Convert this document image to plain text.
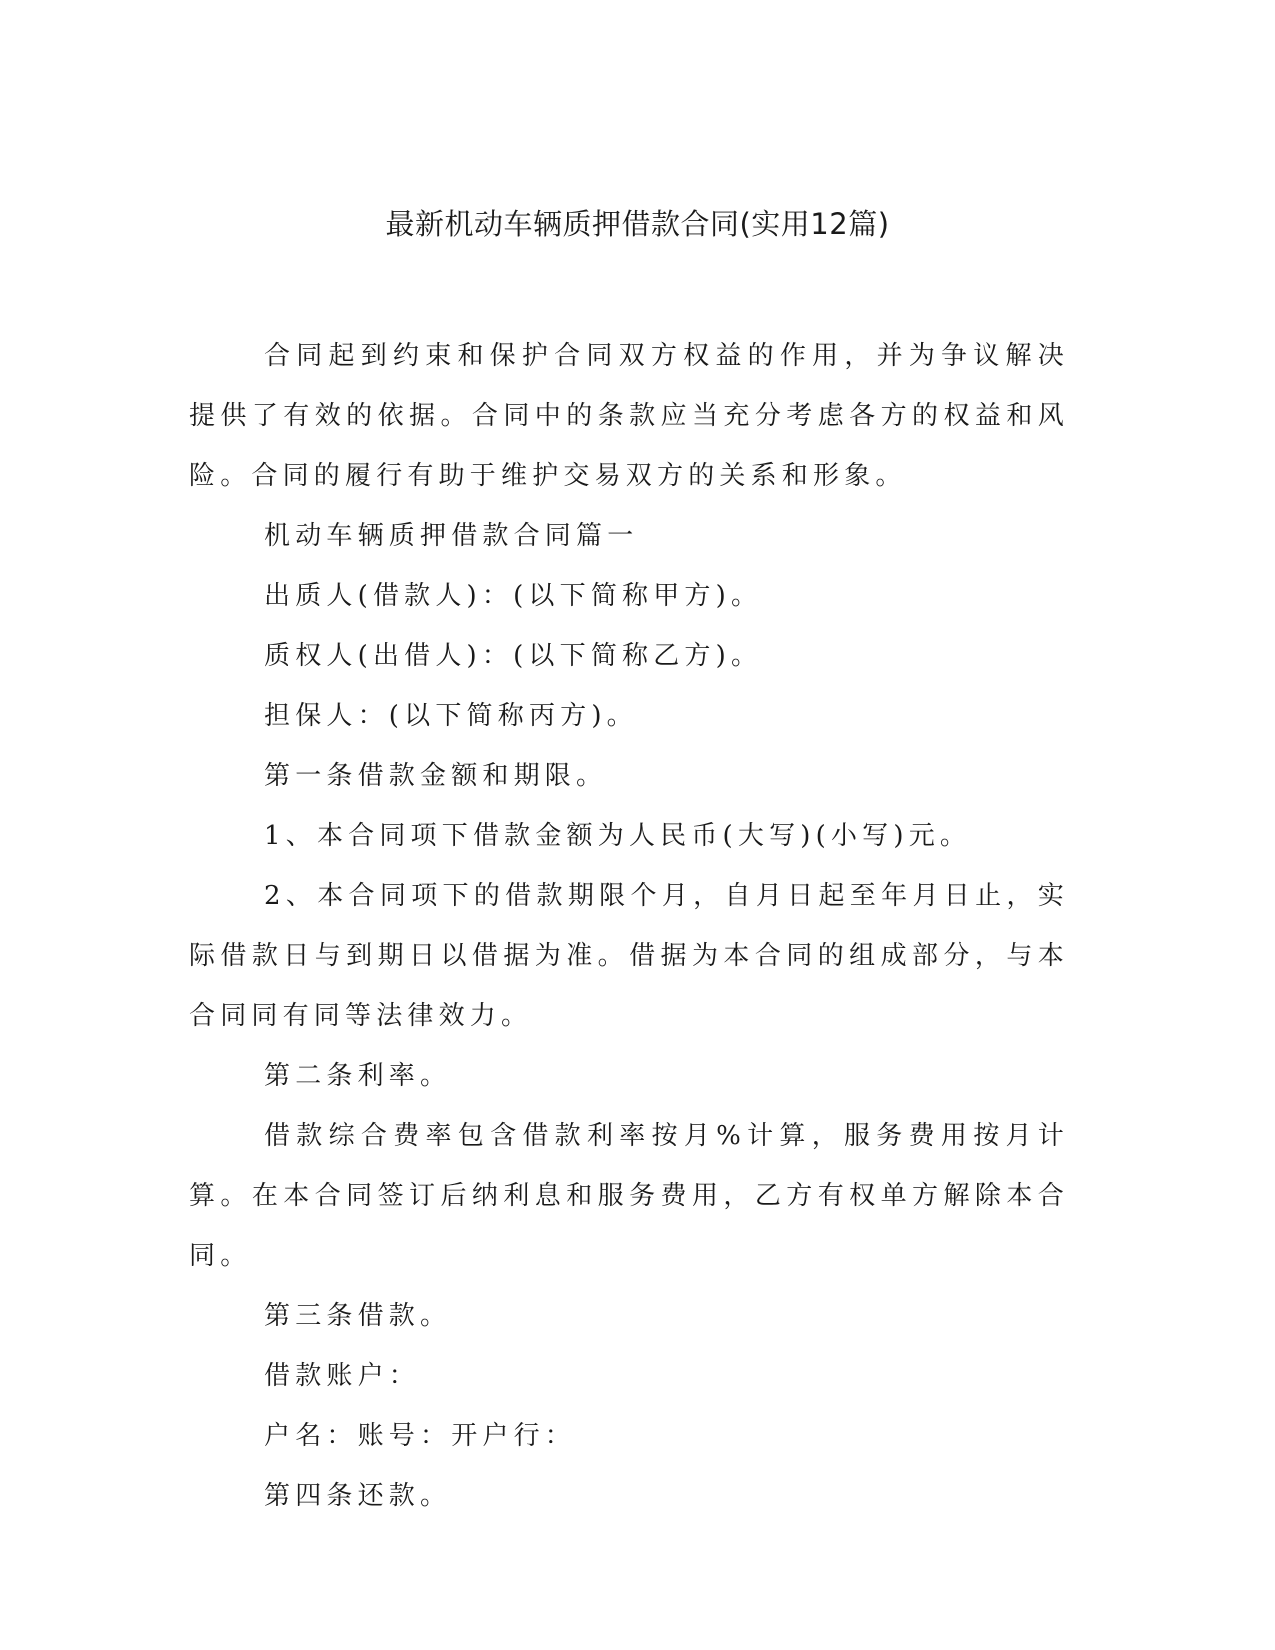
最新机动车辆质押借款合同(实用12篇)

合同起到约束和保护合同双方权益的作用，并为争议解决提供了有效的依据。合同中的条款应当充分考虑各方的权益和风险。合同的履行有助于维护交易双方的关系和形象。

机动车辆质押借款合同篇一

出质人(借款人)：(以下简称甲方)。

质权人(出借人)：(以下简称乙方)。

担保人：(以下简称丙方)。

第一条借款金额和期限。

1、本合同项下借款金额为人民币(大写)(小写)元。

2、本合同项下的借款期限个月，自月日起至年月日止，实际借款日与到期日以借据为准。借据为本合同的组成部分，与本合同同有同等法律效力。

第二条利率。

借款综合费率包含借款利率按月%计算，服务费用按月计算。在本合同签订后纳利息和服务费用，乙方有权单方解除本合同。

第三条借款。

借款账户：

户名：账号：开户行：

第四条还款。
